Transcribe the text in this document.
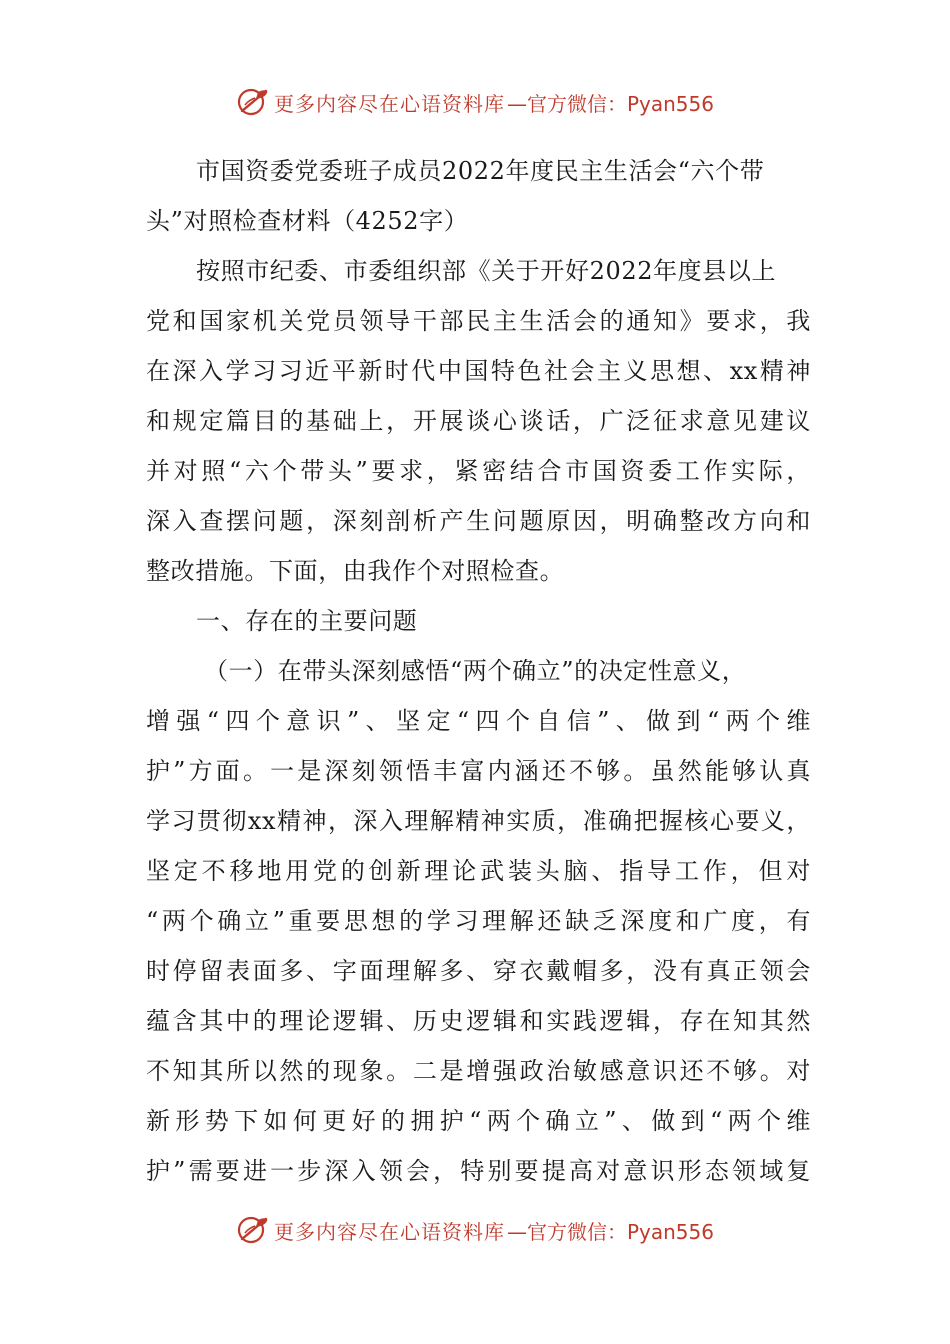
更多内容尽在心语资料库 —官方微信：Pyan556
市国资委党委班子成员2022年度民主生活会“六个带
头”对照检查材料（4252字）
按照市纪委、市委组织部《关于开好2022年度县以上
党和国家机关党员领导干部民主生活会的通知》要求，我
在深入学习习近平新时代中国特色社会主义思想、xx精神
和规定篇目的基础上，开展谈心谈话，广泛征求意见建议
并对照“六个带头”要求，紧密结合市国资委工作实际，
深入查摆问题，深刻剖析产生问题原因，明确整改方向和
整改措施。下面，由我作个对照检查。
一、存在的主要问题
（一）在带头深刻感悟“两个确立”的决定性意义，
增强“四个意识”、坚定“四个自信”、做到“两个维
护”方面。一是深刻领悟丰富内涵还不够。虽然能够认真
学习贯彻xx精神，深入理解精神实质，准确把握核心要义，
坚定不移地用党的创新理论武装头脑、指导工作，但对
“两个确立”重要思想的学习理解还缺乏深度和广度，有
时停留表面多、字面理解多、穿衣戴帽多，没有真正领会
蕴含其中的理论逻辑、历史逻辑和实践逻辑，存在知其然
不知其所以然的现象。二是增强政治敏感意识还不够。对
新形势下如何更好的拥护“两个确立”、做到“两个维
护”需要进一步深入领会，特别要提高对意识形态领域复
更多内容尽在心语资料库 —官方微信：Pyan556
